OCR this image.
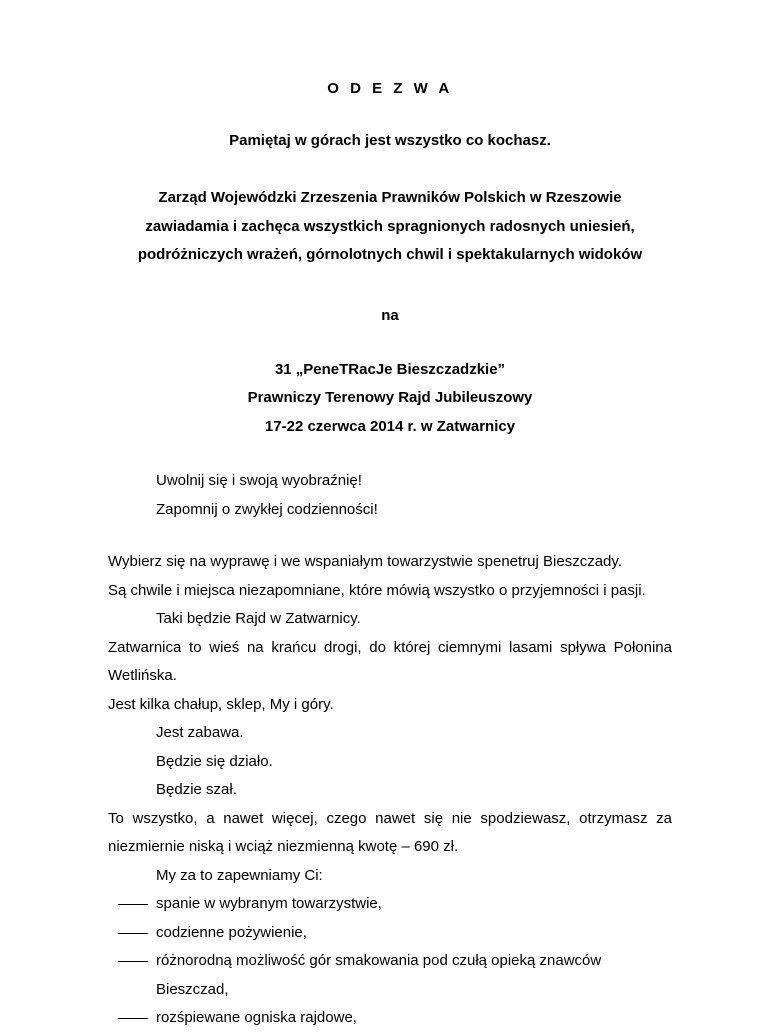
O D E Z W A
Pamiętaj w górach jest wszystko co kochasz.
Zarząd Wojewódzki Zrzeszenia Prawników Polskich w Rzeszowie
zawiadamia i zachęca wszystkich spragnionych radosnych uniesień,
podróżniczych wrażeń, górnolotnych chwil i spektakularnych widoków
na
31 „PeneTRacJe Bieszczadzkie”
Prawniczy Terenowy Rajd Jubileuszowy
17-22 czerwca 2014 r. w Zatwarnicy
Uwolnij się i swoją wyobraźnię!
Zapomnij o zwykłej codzienności!
Wybierz się na wyprawę i we wspaniałym towarzystwie spenetruj Bieszczady.
Są chwile i miejsca niezapomniane, które mówią wszystko o przyjemności i pasji.
Taki będzie Rajd w Zatwarnicy.
Zatwarnica to wieś na krańcu drogi, do której ciemnymi lasami spływa Połonina Wetlińska.
Jest kilka chałup, sklep, My i góry.
Jest zabawa.
Będzie się działo.
Będzie szał.
To wszystko, a nawet więcej, czego nawet się nie spodziewasz, otrzymasz za niezmiernie niską i wciąż niezmienną kwotę – 690 zł.
My za to zapewniamy Ci:
spanie w wybranym towarzystwie,
codzienne pożywienie,
różnorodną możliwość gór smakowania pod czułą opieką znawców Bieszczad,
rozśpiewane ogniska rajdowe,
